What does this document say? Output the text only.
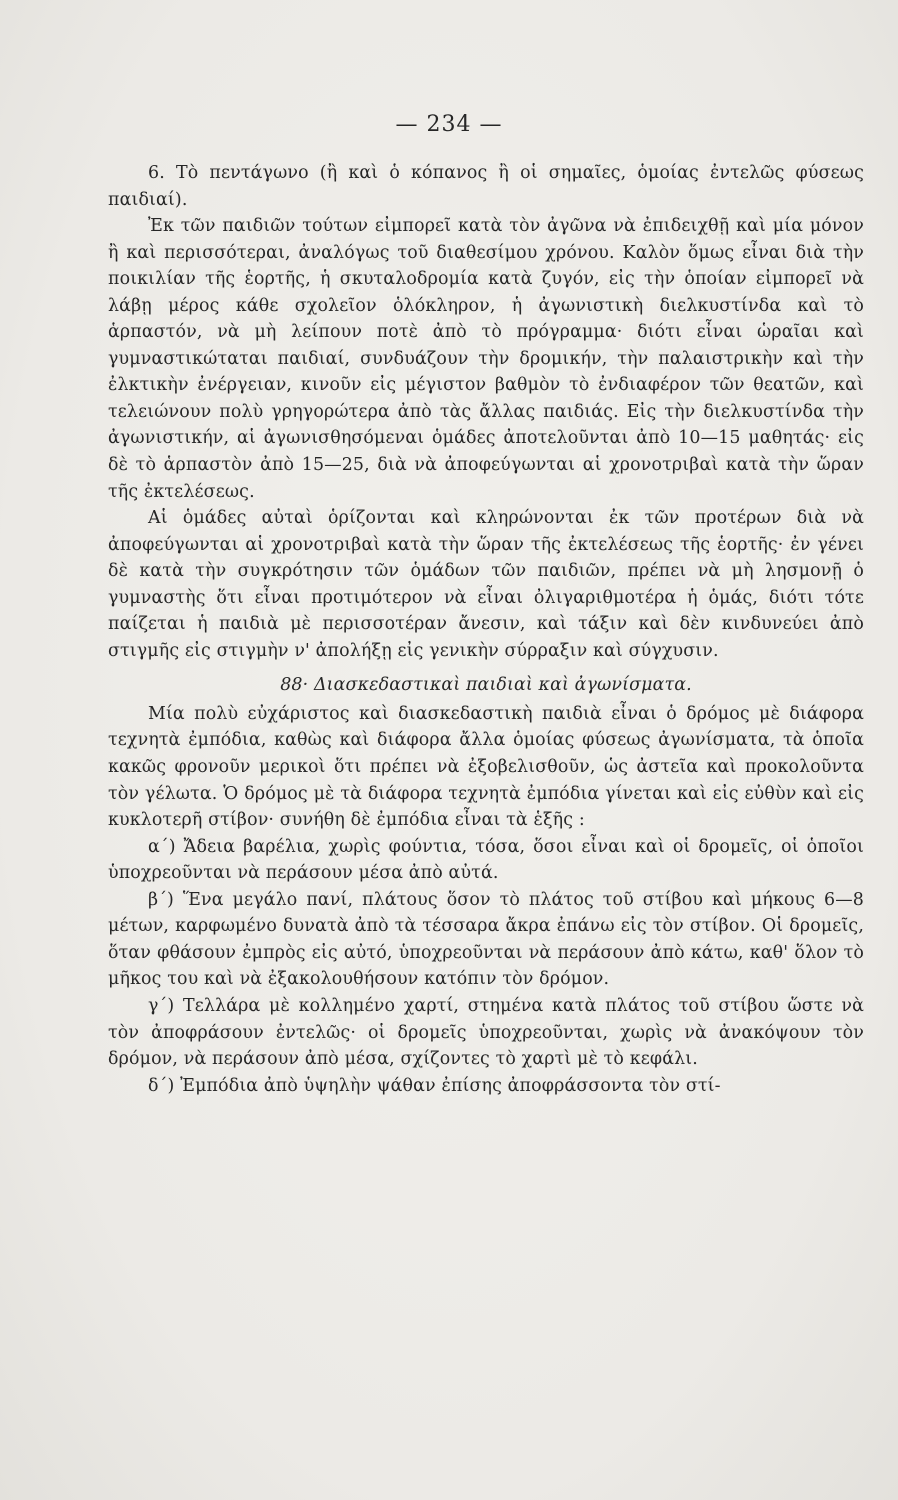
— 234 —

6. Τὸ πεντάγωνο (ἢ καὶ ὁ κόπανος ἢ οἱ σημαῖες, ὁμοίας ἐντελῶς φύσεως παιδιαί).

Ἐκ τῶν παιδιῶν τούτων εἰμπορεῖ κατὰ τὸν ἀγῶνα νὰ ἐπιδειχθῇ καὶ μία μόνον ἢ καὶ περισσότεραι, ἀναλόγως τοῦ διαθεσίμου χρόνου. Καλὸν ὅμως εἶναι διὰ τὴν ποικιλίαν τῆς ἑορτῆς, ἡ σκυταλοδρομία κατὰ ζυγόν, εἰς τὴν ὁποίαν εἰμπορεῖ νὰ λάβῃ μέρος κάθε σχολεῖον ὁλόκληρον, ἡ ἀγωνιστικὴ διελκυστίνδα καὶ τὸ ἁρπαστόν, νὰ μὴ λείπουν ποτὲ ἀπὸ τὸ πρόγραμμα· διότι εἶναι ὡραῖαι καὶ γυμναστικώταται παιδιαί, συνδυάζουν τὴν δρομικήν, τὴν παλαιστρικὴν καὶ τὴν ἐλκτικὴν ἐνέργειαν, κινοῦν εἰς μέγιστον βαθμὸν τὸ ἐνδιαφέρον τῶν θεατῶν, καὶ τελειώνουν πολὺ γρηγορώτερα ἀπὸ τὰς ἄλλας παιδιάς. Εἰς τὴν διελκυστίνδα τὴν ἀγωνιστικήν, αἱ ἀγωνισθησόμεναι ὁμάδες ἀποτελοῦνται ἀπὸ 10—15 μαθητάς· εἰς δὲ τὸ ἁρπαστὸν ἀπὸ 15—25, διὰ νὰ ἀποφεύγωνται αἱ χρονοτριβαὶ κατὰ τὴν ὥραν τῆς ἐκτελέσεως.

Αἱ ὁμάδες αὐταὶ ὁρίζονται καὶ κληρώνονται ἐκ τῶν προτέρων διὰ νὰ ἀποφεύγωνται αἱ χρονοτριβαὶ κατὰ τὴν ὥραν τῆς ἐκτελέσεως τῆς ἑορτῆς· ἐν γένει δὲ κατὰ τὴν συγκρότησιν τῶν ὁμάδων τῶν παιδιῶν, πρέπει νὰ μὴ λησμονῇ ὁ γυμναστὴς ὅτι εἶναι προτιμότερον νὰ εἶναι ὀλιγαριθμοτέρα ἡ ὁμάς, διότι τότε παίζεται ἡ παιδιὰ μὲ περισσοτέραν ἄνεσιν, καὶ τάξιν καὶ δὲν κινδυνεύει ἀπὸ στιγμῆς εἰς στιγμὴν ν' ἀπολήξῃ εἰς γενικὴν σύρραξιν καὶ σύγχυσιν.

88· Διασκεδαστικαὶ παιδιαὶ καὶ ἀγωνίσματα.

Μία πολὺ εὐχάριστος καὶ διασκεδαστικὴ παιδιὰ εἶναι ὁ δρόμος μὲ διάφορα τεχνητὰ ἐμπόδια, καθὼς καὶ διάφορα ἄλλα ὁμοίας φύσεως ἀγωνίσματα, τὰ ὁποῖα κακῶς φρονοῦν μερικοὶ ὅτι πρέπει νὰ ἐξοβελισθοῦν, ὡς ἀστεῖα καὶ προκολοῦντα τὸν γέλωτα. Ὁ δρόμος μὲ τὰ διάφορα τεχνητὰ ἐμπόδια γίνεται καὶ εἰς εὐθὺν καὶ εἰς κυκλοτερῆ στίβον· συνήθη δὲ ἐμπόδια εἶναι τὰ ἑξῆς :

α΄) Ἄδεια βαρέλια, χωρὶς φούντια, τόσα, ὅσοι εἶναι καὶ οἱ δρομεῖς, οἱ ὁποῖοι ὑποχρεοῦνται νὰ περάσουν μέσα ἀπὸ αὐτά.

β΄) Ἕνα μεγάλο πανί, πλάτους ὅσον τὸ πλάτος τοῦ στίβου καὶ μήκους 6—8 μέτων, καρφωμένο δυνατὰ ἀπὸ τὰ τέσσαρα ἄκρα ἐπάνω εἰς τὸν στίβον. Οἱ δρομεῖς, ὅταν φθάσουν ἐμπρὸς εἰς αὐτό, ὑποχρεοῦνται νὰ περάσουν ἀπὸ κάτω, καθ' ὅλον τὸ μῆκος του καὶ νὰ ἐξακολουθήσουν κατόπιν τὸν δρόμον.

γ΄) Τελλάρα μὲ κολλημένο χαρτί, στημένα κατὰ πλάτος τοῦ στίβου ὥστε νὰ τὸν ἀποφράσουν ἐντελῶς· οἱ δρομεῖς ὑποχρεοῦνται, χωρὶς νὰ ἀνακόψουν τὸν δρόμον, νὰ περάσουν ἀπὸ μέσα, σχίζοντες τὸ χαρτὶ μὲ τὸ κεφάλι.

δ΄) Ἐμπόδια ἀπὸ ὑψηλὴν ψάθαν ἐπίσης ἀποφράσσοντα τὸν στί-
